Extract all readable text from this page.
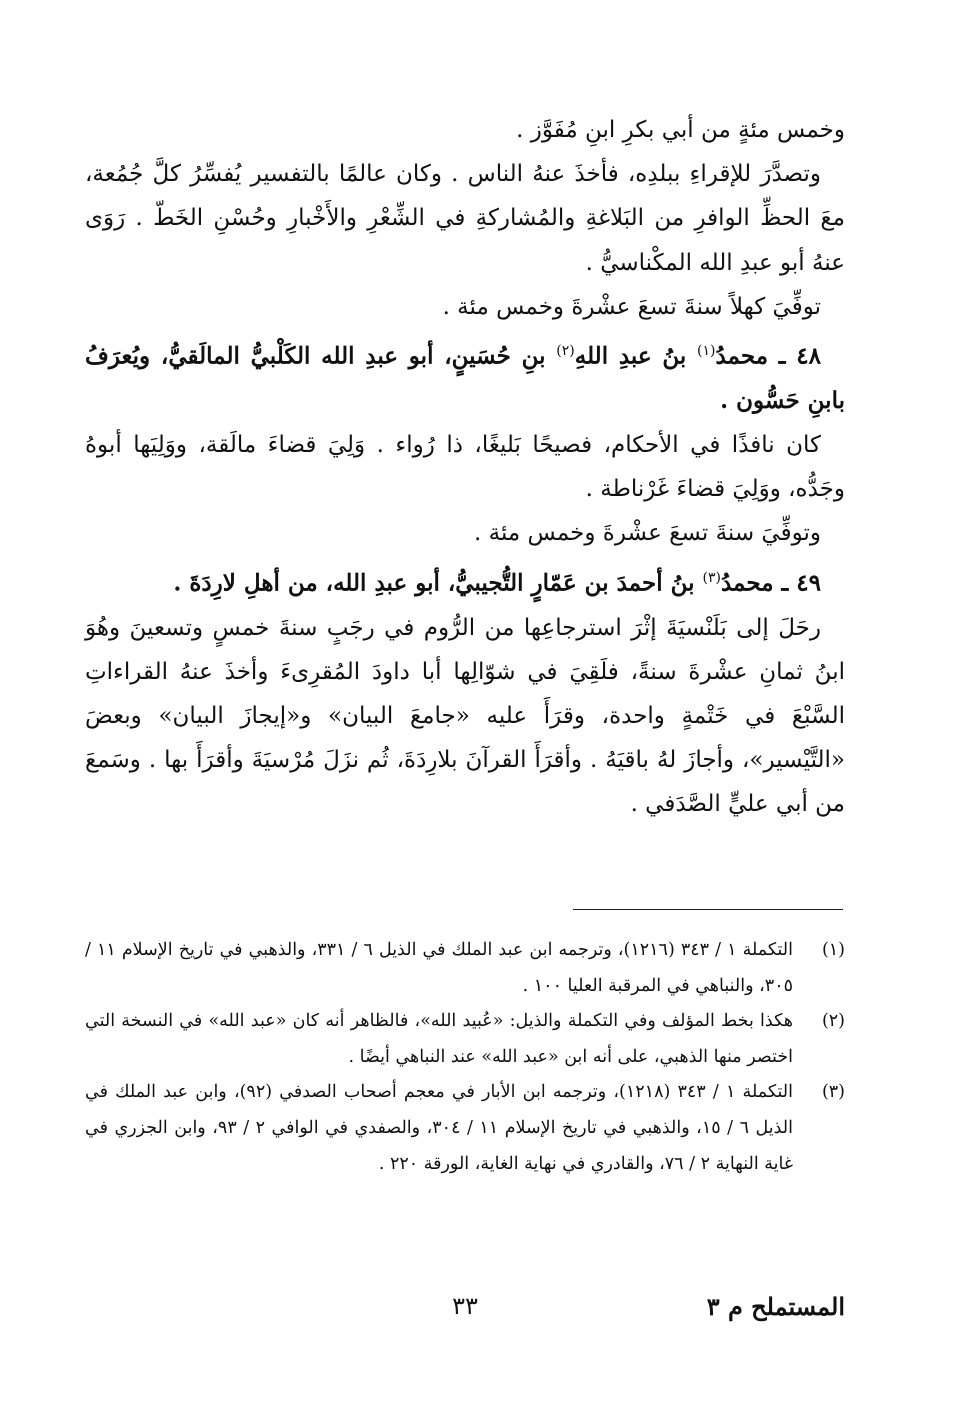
وخمس مئةٍ من أبي بكرِ ابنِ مُفَوَّز .

وتصدَّرَ للإقراءِ ببلدِه، فأخذَ عنهُ الناس . وكان عالمًا بالتفسير يُفسِّرُ كلَّ جُمُعة، معَ الحظِّ الوافرِ من البَلاغةِ والمُشاركةِ في الشِّعْرِ والأَخْبارِ وحُسْنِ الخَطّ . رَوَى عنهُ أبو عبدِ الله المكْناسيُّ .

توفِّيَ كهلاً سنةَ تسعَ عشْرةَ وخمس مئة .

٤٨ ـ محمدُ$^{(١)}$ بنُ عبدِ اللهِ$^{(٢)}$ بنِ حُسَينٍ، أبو عبدِ الله الكَلْبيُّ المالَقيُّ، ويُعرَفُ بابنِ حَسُّون .

كان نافذًا في الأحكام، فصيحًا بَليغًا، ذا رُواء . وَلِيَ قضاءَ مالَقة، ووَلِيَها أبوهُ وجَدُّه، ووَلِيَ قضاءَ غَرْناطة .

وتوفِّيَ سنةَ تسعَ عشْرةَ وخمس مئة .

٤٩ ـ محمدُ$^{(٣)}$ بنُ أحمدَ بن عَمّارٍ التُّجيبيُّ، أبو عبدِ الله، من أهلِ لارِدَةَ .

رحَلَ إلى بَلَنْسيَةَ إثْرَ استرجاعِها من الرُّوم في رجَبٍ سنةَ خمسٍ وتسعينَ وهُوَ ابنُ ثمانِ عشْرةَ سنةً، فلَقِيَ في شوّالِها أبا داودَ المُقرِىءَ وأخذَ عنهُ القراءاتِ السَّبْعَ في خَتْمةٍ واحدة، وقرَأَ عليه «جامعَ البيان» و«إيجازَ البيان» وبعضَ «التَّيْسير»، وأجازَ لهُ باقيَهُ . وأقرَأَ القرآنَ بلارِدَةَ، ثُم نزَلَ مُرْسيَةَ وأقرَأَ بها . وسَمعَ من أبي عليٍّ الصَّدَفي .

(١)
التكملة ١ / ٣٤٣ (١٢١٦)، وترجمه ابن عبد الملك في الذيل ٦ / ٣٣١، والذهبي في تاريخ الإسلام ١١ / ٣٠٥، والنباهي في المرقبة العليا ١٠٠ .

(٢)
هكذا بخط المؤلف وفي التكملة والذيل: «عُبيد الله»، فالظاهر أنه كان «عبد الله» في النسخة التي اختصر منها الذهبي، على أنه ابن «عبد الله» عند النباهي أيضًا .

(٣)
التكملة ١ / ٣٤٣ (١٢١٨)، وترجمه ابن الأبار في معجم أصحاب الصدفي (٩٢)، وابن عبد الملك في الذيل ٦ / ١٥، والذهبي في تاريخ الإسلام ١١ / ٣٠٤، والصفدي في الوافي ٢ / ٩٣، وابن الجزري في غاية النهاية ٢ / ٧٦، والقادري في نهاية الغاية، الورقة ٢٢٠ .

المستملح م ٣
٣٣
